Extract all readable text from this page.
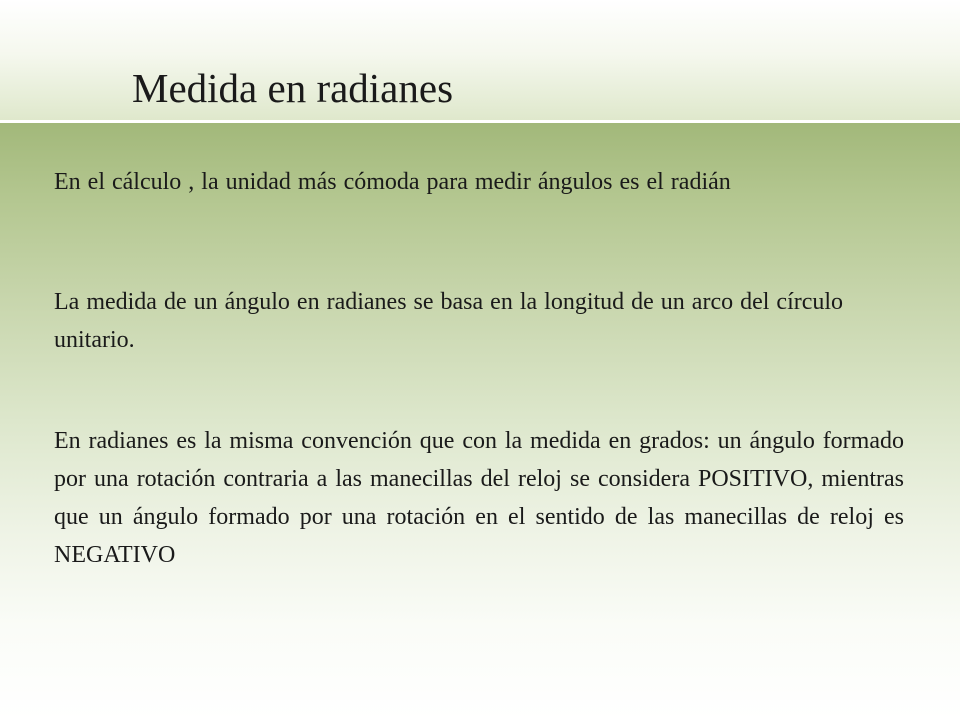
Medida en radianes

En el cálculo , la unidad más cómoda para medir ángulos es el radián

La medida de un ángulo en radianes se basa en la longitud de un arco del círculo unitario.

En radianes es la misma convención que con la medida en grados: un ángulo formado por una rotación contraria a las manecillas del reloj se considera POSITIVO, mientras que un ángulo formado por una rotación en el sentido de las manecillas de reloj es NEGATIVO
